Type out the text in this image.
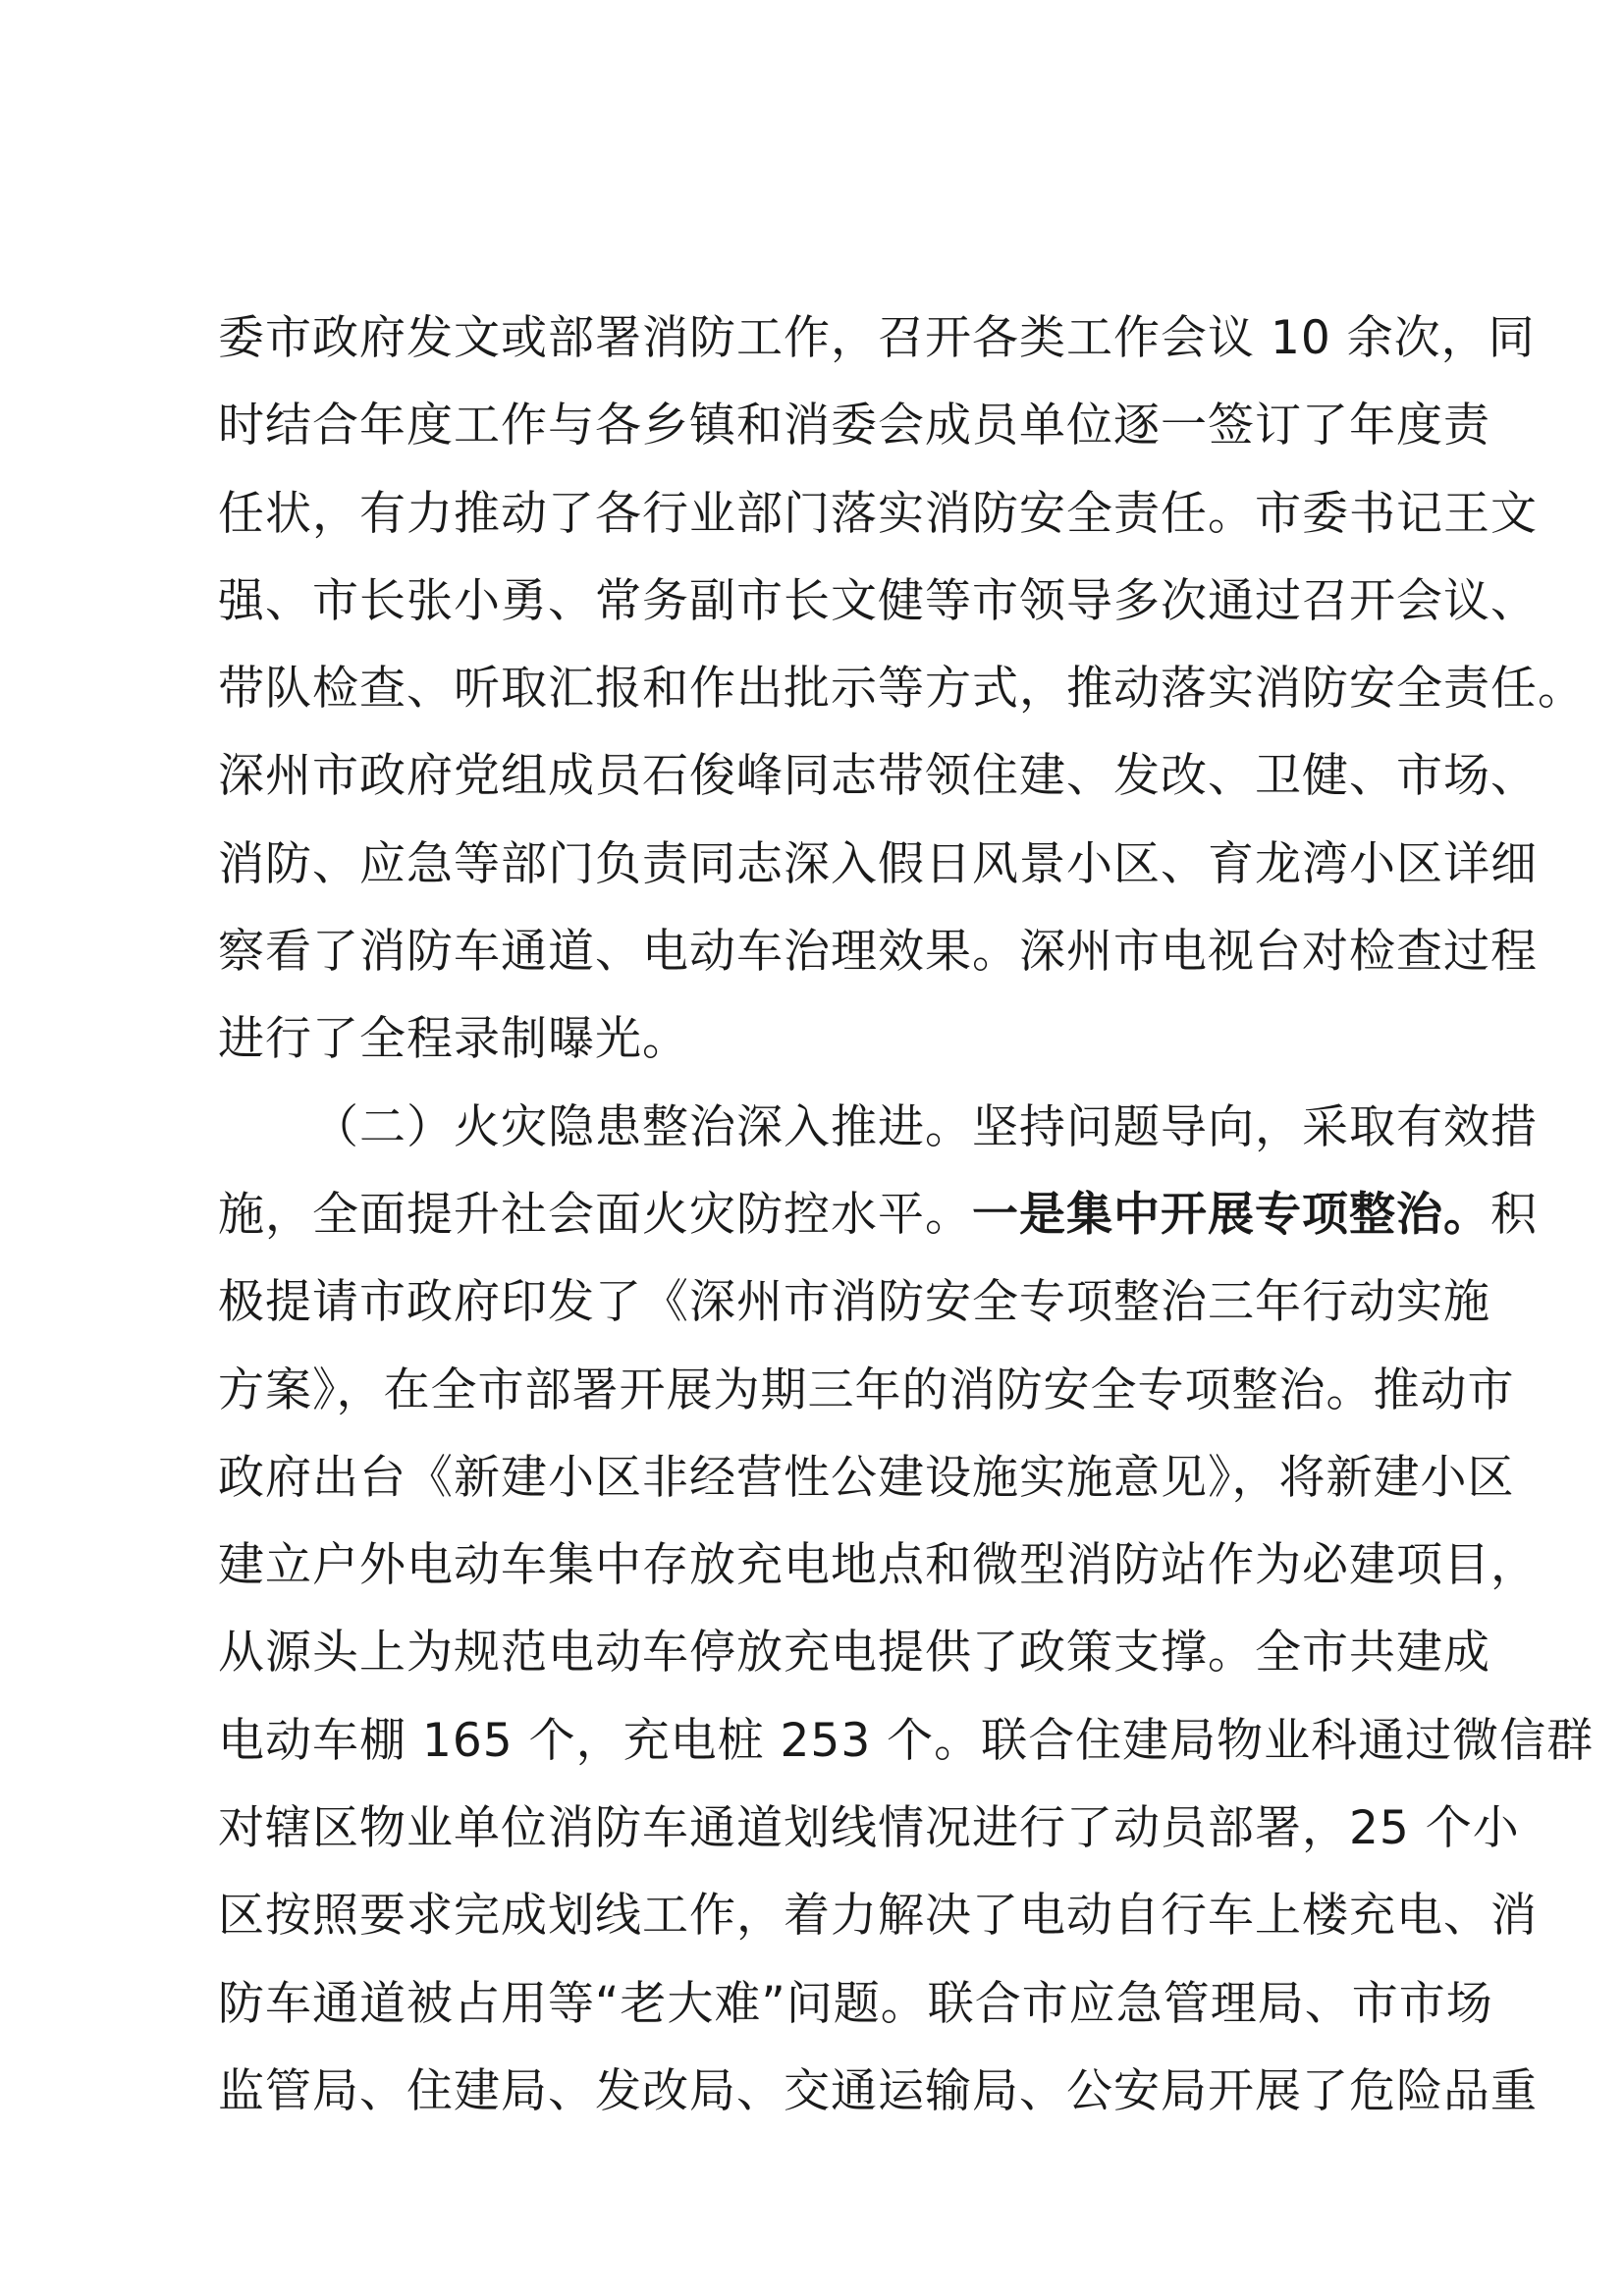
委市政府发文或部署消防工作，召开各类工作会议 10 余次，同
时结合年度工作与各乡镇和消委会成员单位逐一签订了年度责
任状，有力推动了各行业部门落实消防安全责任。市委书记王文
强、市长张小勇、常务副市长文健等市领导多次通过召开会议、
带队检查、听取汇报和作出批示等方式，推动落实消防安全责任。
深州市政府党组成员石俊峰同志带领住建、发改、卫健、市场、
消防、应急等部门负责同志深入假日风景小区、育龙湾小区详细
察看了消防车通道、电动车治理效果。深州市电视台对检查过程
进行了全程录制曝光。
（二）火灾隐患整治深入推进。坚持问题导向，采取有效措
施，全面提升社会面火灾防控水平。一是集中开展专项整治。积
极提请市政府印发了《深州市消防安全专项整治三年行动实施
方案》，在全市部署开展为期三年的消防安全专项整治。推动市
政府出台《新建小区非经营性公建设施实施意见》，将新建小区
建立户外电动车集中存放充电地点和微型消防站作为必建项目，
从源头上为规范电动车停放充电提供了政策支撑。全市共建成
电动车棚 165 个，充电桩 253 个。联合住建局物业科通过微信群
对辖区物业单位消防车通道划线情况进行了动员部署，25 个小
区按照要求完成划线工作，着力解决了电动自行车上楼充电、消
防车通道被占用等“老大难”问题。联合市应急管理局、市市场
监管局、住建局、发改局、交通运输局、公安局开展了危险品重
